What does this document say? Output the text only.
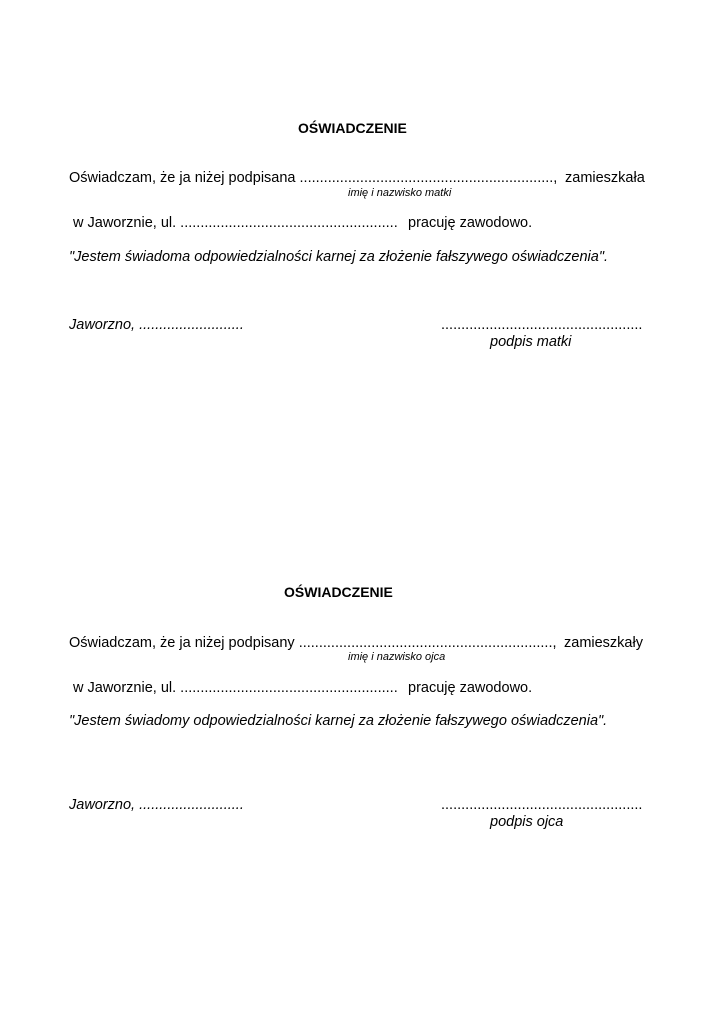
OŚWIADCZENIE
Oświadczam, że ja niżej podpisana ..............................................................., zamieszkała
imię i nazwisko matki
w Jaworznie, ul. ...................................................... pracuję zawodowo.
"Jestem świadoma odpowiedzialności karnej za złożenie fałszywego oświadczenia".
Jaworzno, ..........................	..................................................
podpis matki
OŚWIADCZENIE
Oświadczam, że ja niżej podpisany ..............................................................., zamieszkały
imię i nazwisko ojca
w Jaworznie, ul. ...................................................... pracuję zawodowo.
"Jestem świadomy odpowiedzialności karnej za złożenie fałszywego oświadczenia".
Jaworzno, ..........................	..................................................
podpis ojca
